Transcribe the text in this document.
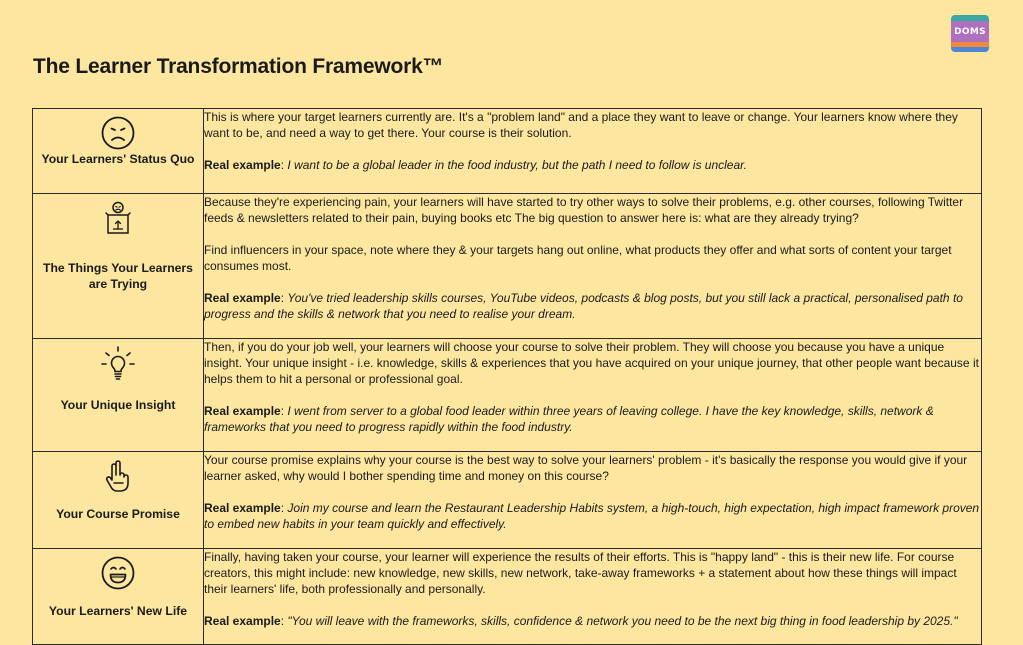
DOMS
The Learner Transformation Framework™
Your Learners' Status Quo	This is where your target learners currently are. It's a "problem land" and a place they want to leave or change. Your learners know where they want to be, and need a way to get there. Your course is their solution.

Real example: I want to be a global leader in the food industry, but the path I need to follow is unclear.

The Things Your Learners are Trying	Because they're experiencing pain, your learners will have started to try other ways to solve their problems, e.g. other courses, following Twitter feeds & newsletters related to their pain, buying books etc The big question to answer here is: what are they already trying?

Find influencers in your space, note where they & your targets hang out online, what products they offer and what sorts of content your target consumes most.

Real example: You've tried leadership skills courses, YouTube videos, podcasts & blog posts, but you still lack a practical, personalised path to progress and the skills & network that you need to realise your dream.

Your Unique Insight	Then, if you do your job well, your learners will choose your course to solve their problem. They will choose you because you have a unique insight. Your unique insight - i.e. knowledge, skills & experiences that you have acquired on your unique journey, that other people want because it helps them to hit a personal or professional goal.

Real example: I went from server to a global food leader within three years of leaving college. I have the key knowledge, skills, network & frameworks that you need to progress rapidly within the food industry.

Your Course Promise	Your course promise explains why your course is the best way to solve your learners' problem - it's basically the response you would give if your learner asked, why would I bother spending time and money on this course?

Real example: Join my course and learn the Restaurant Leadership Habits system, a high-touch, high expectation, high impact framework proven to embed new habits in your team quickly and effectively.

Your Learners' New Life	Finally, having taken your course, your learner will experience the results of their efforts. This is "happy land" - this is their new life. For course creators, this might include: new knowledge, new skills, new network, take-away frameworks + a statement about how these things will impact their learners' life, both professionally and personally.

Real example: "You will leave with the frameworks, skills, confidence & network you need to be the next big thing in food leadership by 2025."
